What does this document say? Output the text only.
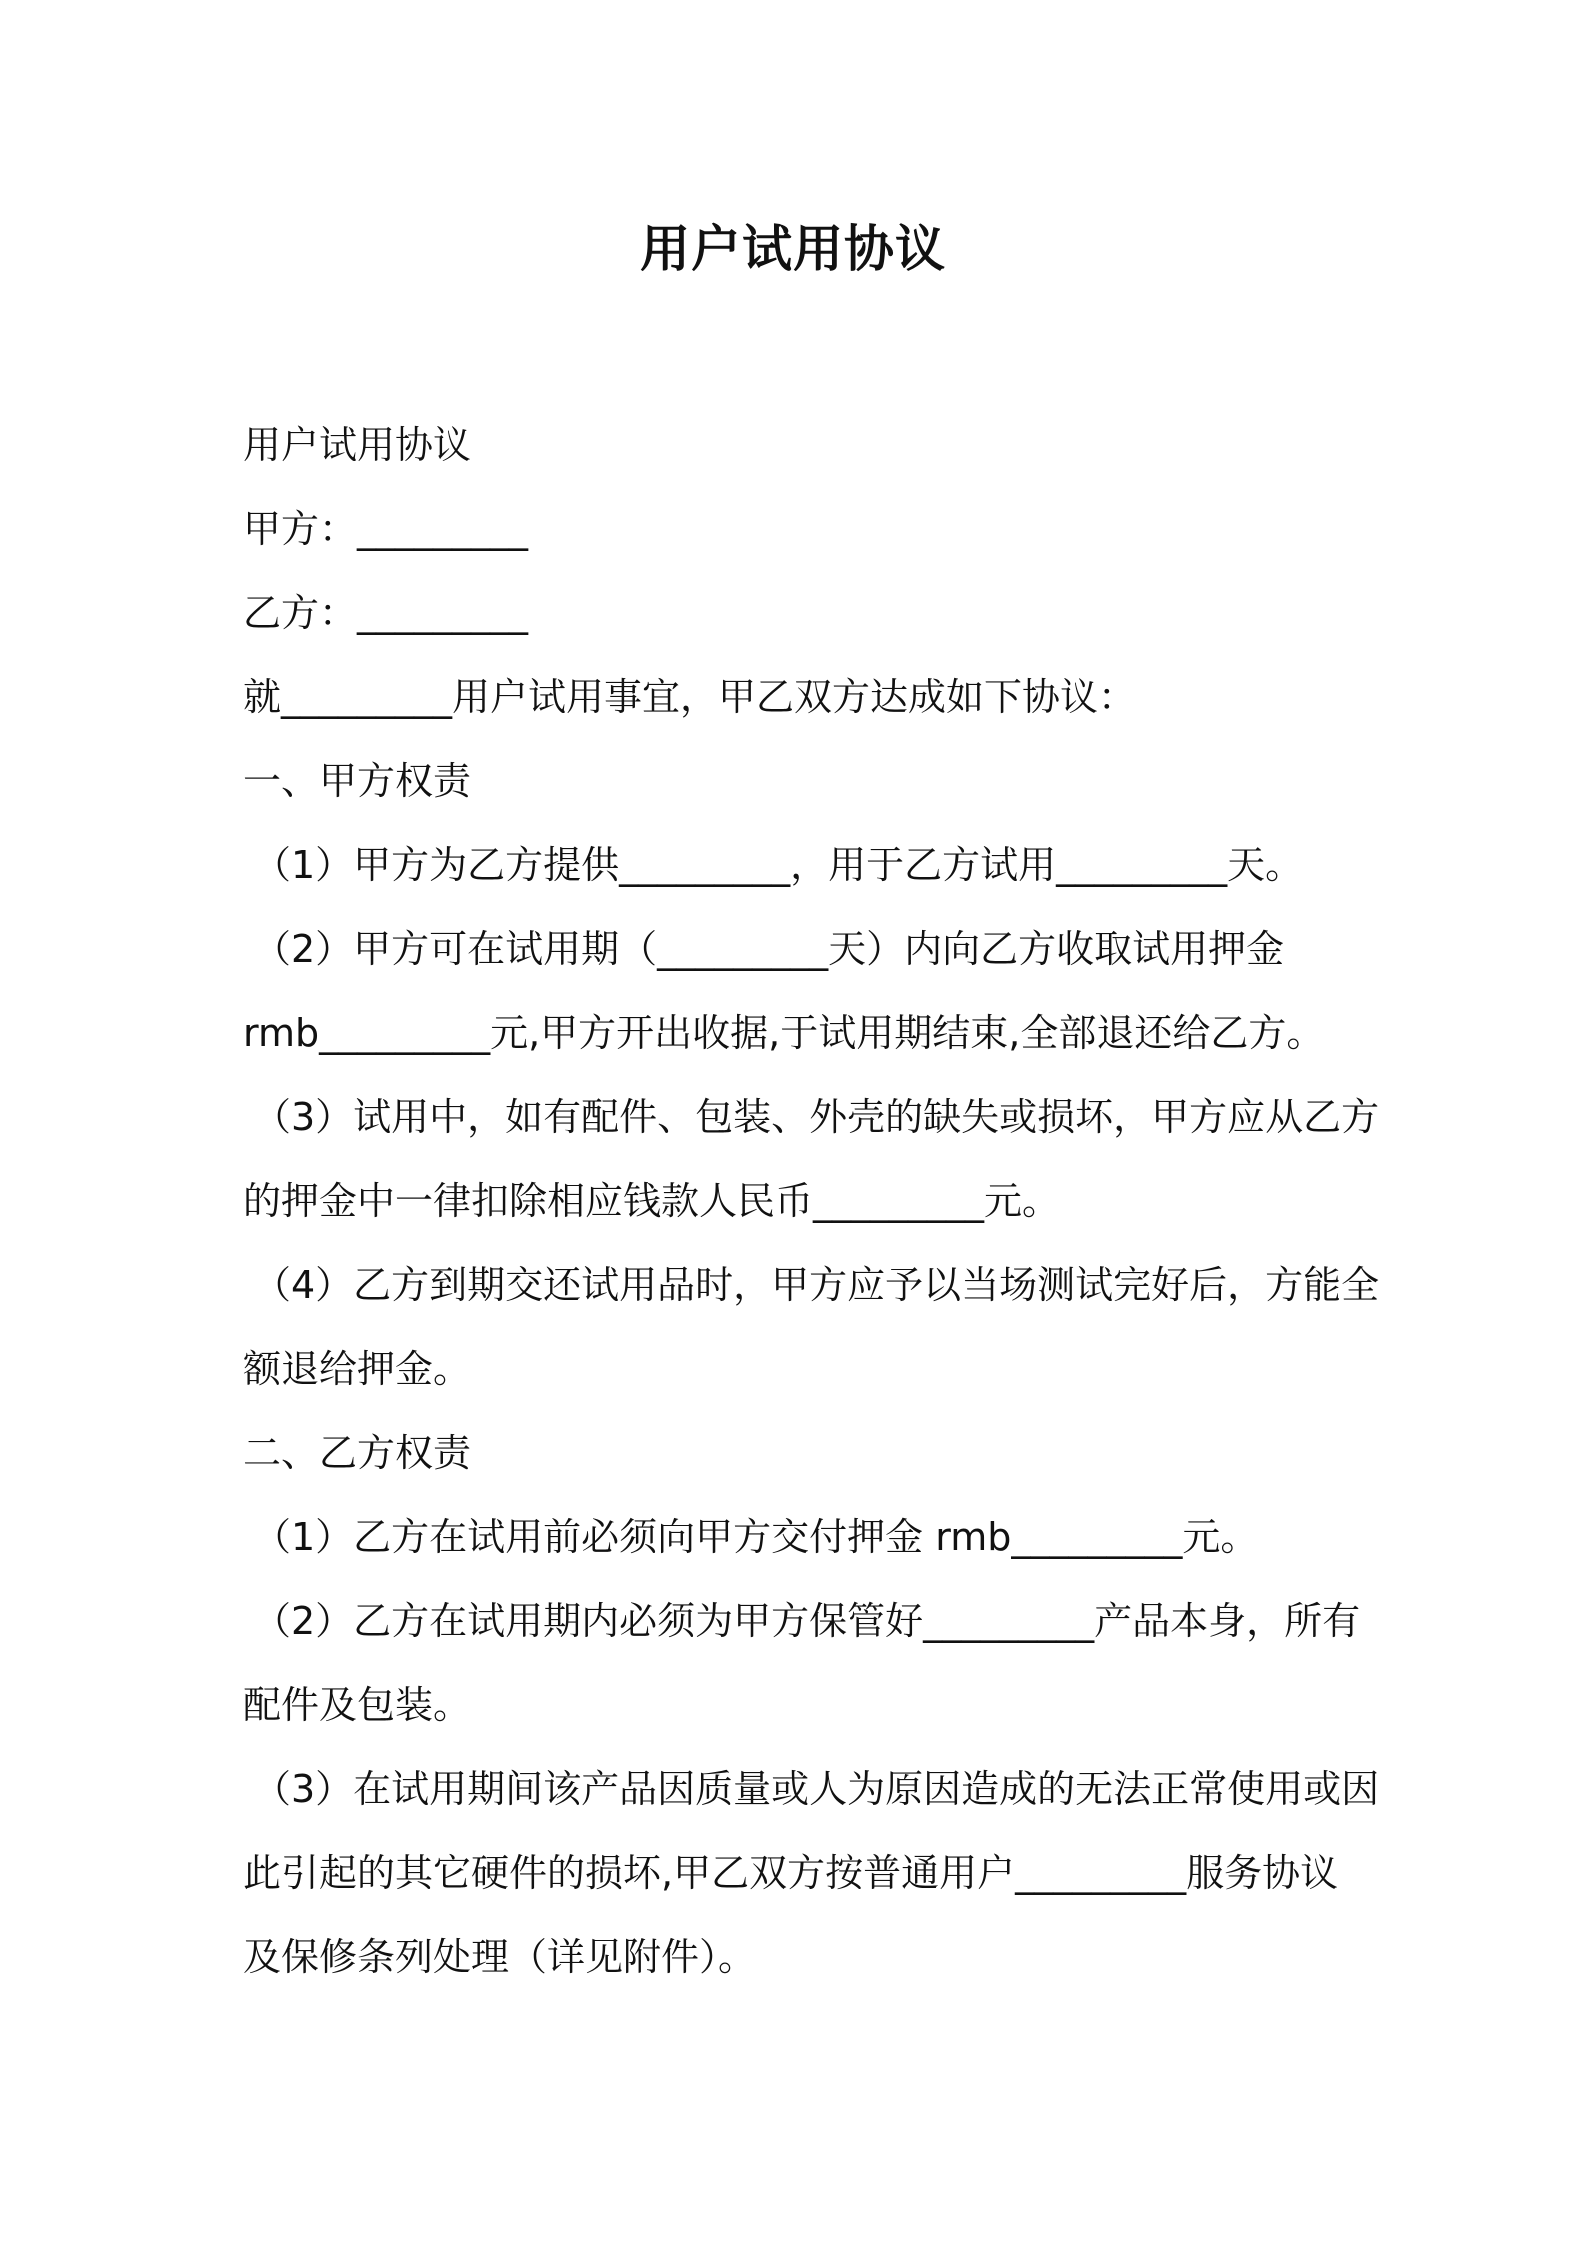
用户试用协议
用户试用协议
甲方：_________
乙方：_________
就_________用户试用事宜，甲乙双方达成如下协议：
一、甲方权责
（1）甲方为乙方提供_________，用于乙方试用_________天。
（2）甲方可在试用期（_________天）内向乙方收取试用押金
rmb_________元,甲方开出收据,于试用期结束,全部退还给乙方。
（3）试用中，如有配件、包装、外壳的缺失或损坏，甲方应从乙方
的押金中一律扣除相应钱款人民币_________元。
（4）乙方到期交还试用品时，甲方应予以当场测试完好后，方能全
额退给押金。
二、乙方权责
（1）乙方在试用前必须向甲方交付押金 rmb_________元。
（2）乙方在试用期内必须为甲方保管好_________产品本身，所有
配件及包装。
（3）在试用期间该产品因质量或人为原因造成的无法正常使用或因
此引起的其它硬件的损坏,甲乙双方按普通用户_________服务协议
及保修条列处理（详见附件）。
